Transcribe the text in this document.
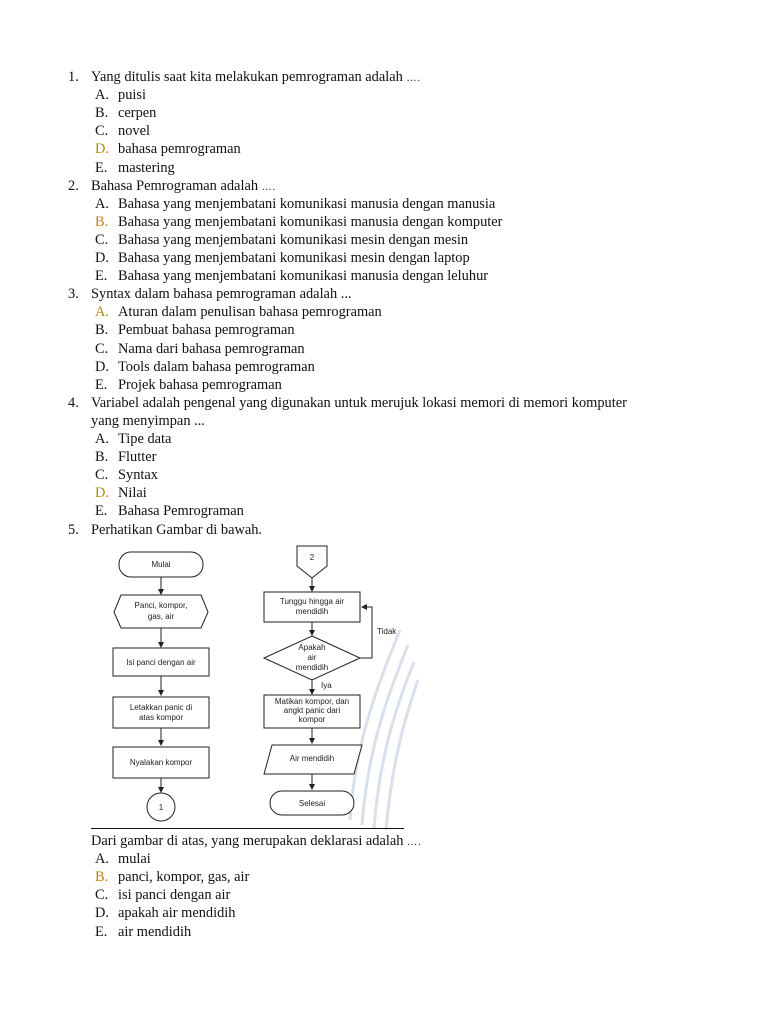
1. Yang ditulis saat kita melakukan pemrograman adalah ….
A. puisi
B. cerpen
C. novel
D. bahasa pemrograman
E. mastering
2. Bahasa Pemrograman adalah ….
A. Bahasa yang menjembatani komunikasi manusia dengan manusia
B. Bahasa yang menjembatani komunikasi manusia dengan komputer
C. Bahasa yang menjembatani komunikasi mesin dengan mesin
D. Bahasa yang menjembatani komunikasi mesin dengan laptop
E. Bahasa yang menjembatani komunikasi manusia dengan leluhur
3. Syntax dalam bahasa pemrograman adalah ...
A. Aturan dalam penulisan bahasa pemrograman
B. Pembuat bahasa pemrograman
C. Nama dari bahasa pemrograman
D. Tools dalam bahasa pemrograman
E. Projek bahasa pemrograman
4. Variabel adalah pengenal yang digunakan untuk merujuk lokasi memori di memori komputer
yang menyimpan ...
A. Tipe data
B. Flutter
C. Syntax
D. Nilai
E. Bahasa Pemrograman
5. Perhatikan Gambar di bawah.
Dari gambar di atas, yang merupakan deklarasi adalah ….
A. mulai
B. panci, kompor, gas, air
C. isi panci dengan air
D. apakah air mendidih
E. air mendidih
Mulai
Panci, kompor,
gas, air
Isi panci dengan air
Letakkan panic di
atas kompor
Nyalakan kompor
1
2
Tunggu hingga air
mendidih
Apakah
air
mendidih
Tidak
Iya
Matikan kompor, dan
angkt panic dari
kompor
Air mendidih
Selesai
